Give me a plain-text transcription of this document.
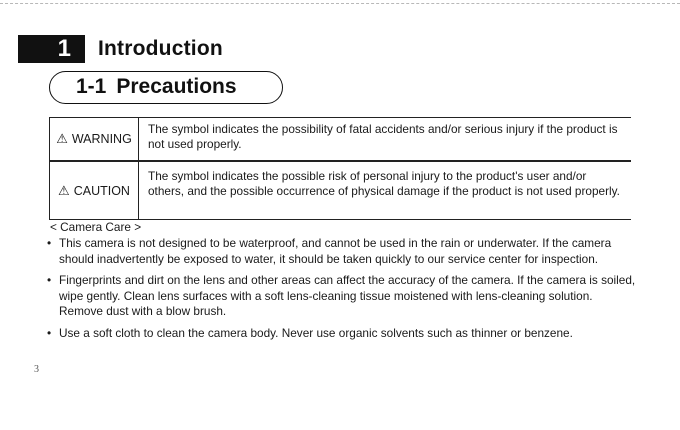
1 Introduction
1-1 Precautions
⚠ WARNING
The symbol indicates the possibility of fatal accidents and/or serious injury if the product is not used properly.
⚠ CAUTION
The symbol indicates the possible risk of personal injury to the product's user and/or others, and the possible occurrence of physical damage if the product is not used properly.
< Camera Care >
• This camera is not designed to be waterproof, and cannot be used in the rain or underwater. If the camera should inadvertently be exposed to water, it should be taken quickly to our service center for inspection.
• Fingerprints and dirt on the lens and other areas can affect the accuracy of the camera. If the camera is soiled, wipe gently. Clean lens surfaces with a soft lens-cleaning tissue moistened with lens-cleaning solution. Remove dust with a blow brush.
• Use a soft cloth to clean the camera body. Never use organic solvents such as thinner or benzene.
3
